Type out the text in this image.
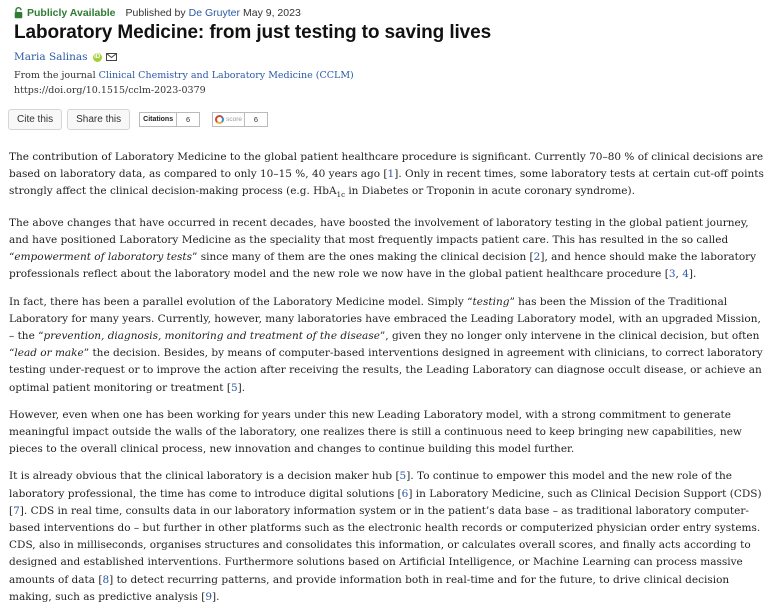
Publicly Available Published by De Gruyter May 9, 2023
Laboratory Medicine: from just testing to saving lives
Maria Salinas iD
From the journal Clinical Chemistry and Laboratory Medicine (CCLM)
https://doi.org/10.1515/cclm-2023-0379
Cite this	Share this	Citations	6	score	6

The contribution of Laboratory Medicine to the global patient healthcare procedure is significant. Currently 70–80 % of clinical decisions are based on laboratory data, as compared to only 10–15 %, 40 years ago [1]. Only in recent times, some laboratory tests at certain cut-off points strongly affect the clinical decision-making process (e.g. HbA$_{1c}$ in Diabetes or Troponin in acute coronary syndrome).

The above changes that have occurred in recent decades, have boosted the involvement of laboratory testing in the global patient journey, and have positioned Laboratory Medicine as the speciality that most frequently impacts patient care. This has resulted in the so called “empowerment of laboratory tests” since many of them are the ones making the clinical decision [2], and hence should make the laboratory professionals reflect about the laboratory model and the new role we now have in the global patient healthcare procedure [3, 4].

In fact, there has been a parallel evolution of the Laboratory Medicine model. Simply “testing” has been the Mission of the Traditional Laboratory for many years. Currently, however, many laboratories have embraced the Leading Laboratory model, with an upgraded Mission, – the “prevention, diagnosis, monitoring and treatment of the disease”, given they no longer only intervene in the clinical decision, but often “lead or make” the decision. Besides, by means of computer-based interventions designed in agreement with clinicians, to correct laboratory testing under-request or to improve the action after receiving the results, the Leading Laboratory can diagnose occult disease, or achieve an optimal patient monitoring or treatment [5].

However, even when one has been working for years under this new Leading Laboratory model, with a strong commitment to generate meaningful impact outside the walls of the laboratory, one realizes there is still a continuous need to keep bringing new capabilities, new pieces to the overall clinical process, new innovation and changes to continue building this model further.

It is already obvious that the clinical laboratory is a decision maker hub [5]. To continue to empower this model and the new role of the laboratory professional, the time has come to introduce digital solutions [6] in Laboratory Medicine, such as Clinical Decision Support (CDS) [7]. CDS in real time, consults data in our laboratory information system or in the patient’s data base – as traditional laboratory computer-based interventions do – but further in other platforms such as the electronic health records or computerized physician order entry systems. CDS, also in milliseconds, organises structures and consolidates this information, or calculates overall scores, and finally acts according to designed and established interventions. Furthermore solutions based on Artificial Intelligence, or Machine Learning can process massive amounts of data [8] to detect recurring patterns, and provide information both in real-time and for the future, to drive clinical decision making, such as predictive analysis [9].
